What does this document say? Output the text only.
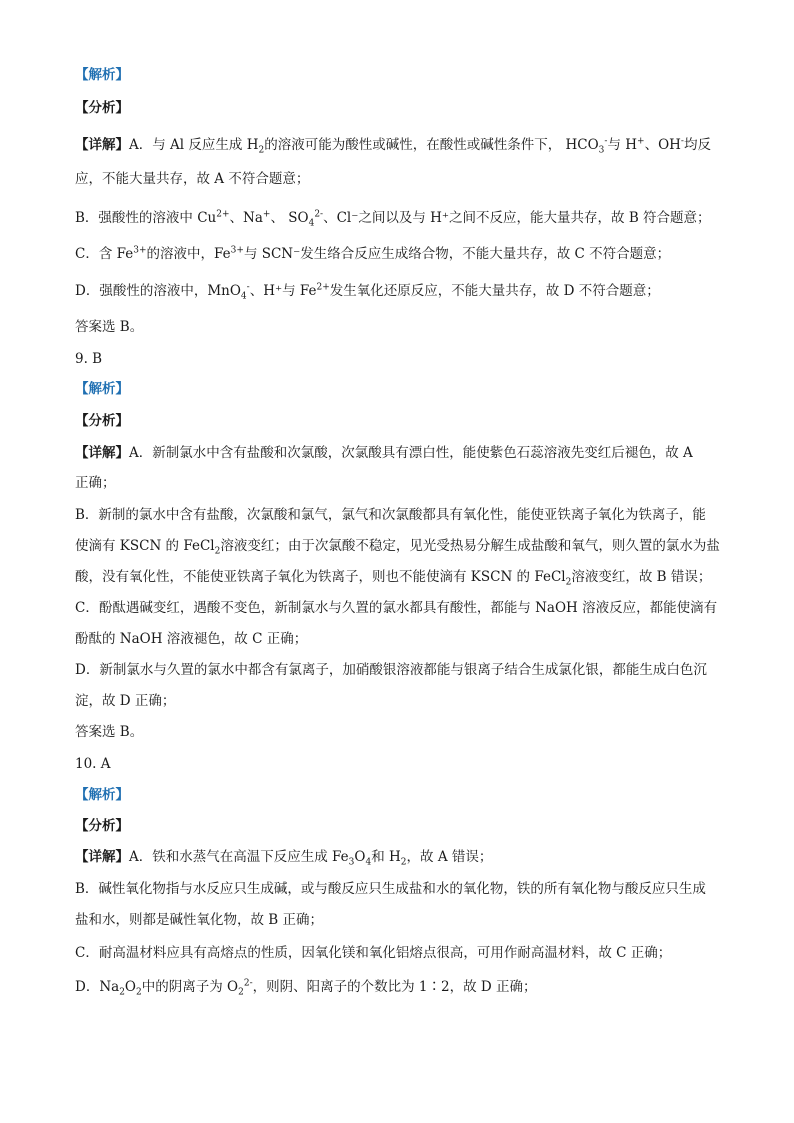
【解析】
【分析】
【详解】A．与 Al 反应生成 $H_2$的溶液可能为酸性或碱性，在酸性或碱性条件下， $HCO_3^-$与 H+、OH-均反
应，不能大量共存，故 A 不符合题意；
B．强酸性的溶液中 $Cu^{2+}$、Na+、 $SO_4^{2-}$、Cl⁻之间以及与 H⁺之间不反应，能大量共存，故 B 符合题意；
C．含 $Fe^{3+}$的溶液中，$Fe^{3+}$与 SCN⁻发生络合反应生成络合物，不能大量共存，故 C 不符合题意；
D．强酸性的溶液中，MnO$_4$-、H⁺与 $Fe^{2+}$发生氧化还原反应，不能大量共存，故 D 不符合题意；
答案选 B。
9. B
【解析】
【分析】
【详解】A．新制氯水中含有盐酸和次氯酸，次氯酸具有漂白性，能使紫色石蕊溶液先变红后褪色，故 A
正确；
B．新制的氯水中含有盐酸，次氯酸和氯气，氯气和次氯酸都具有氧化性，能使亚铁离子氧化为铁离子，能
使滴有 KSCN 的 FeCl$_2$溶液变红；由于次氯酸不稳定，见光受热易分解生成盐酸和氧气，则久置的氯水为盐
酸，没有氧化性，不能使亚铁离子氧化为铁离子，则也不能使滴有 KSCN 的 FeCl$_2$溶液变红，故 B 错误；
C．酚酞遇碱变红，遇酸不变色，新制氯水与久置的氯水都具有酸性，都能与 NaOH 溶液反应，都能使滴有
酚酞的 NaOH 溶液褪色，故 C 正确；
D．新制氯水与久置的氯水中都含有氯离子，加硝酸银溶液都能与银离子结合生成氯化银，都能生成白色沉
淀，故 D 正确；
答案选 B。
10. A
【解析】
【分析】
【详解】A．铁和水蒸气在高温下反应生成 $Fe_3O_4$和 $H_2$，故 A 错误；
B．碱性氧化物指与水反应只生成碱，或与酸反应只生成盐和水的氧化物，铁的所有氧化物与酸反应只生成
盐和水，则都是碱性氧化物，故 B 正确；
C．耐高温材料应具有高熔点的性质，因氧化镁和氧化铝熔点很高，可用作耐高温材料，故 C 正确；
D．$Na_2O_2$中的阴离子为 $O_2^{2-}$，则阴、阳离子的个数比为 1∶2，故 D 正确；
